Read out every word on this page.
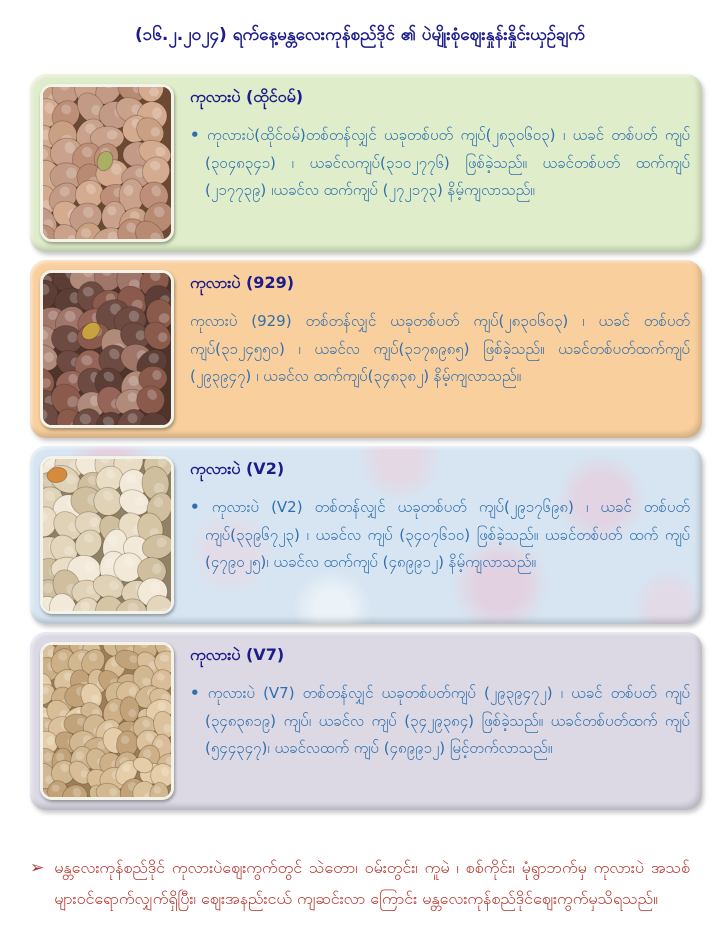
(၁၆.၂.၂၀၂၄) ရက်နေ့မန္တလေးကုန်စည်ဒိုင် ၏ ပဲမျိုးစုံဈေးနှုန်းနှိုင်းယှဉ်ချက်
ကုလားပဲ (ထိုင်ဝမ်)

• ကုလားပဲ(ထိုင်ဝမ်)တစ်တန်လျှင် ယခုတစ်ပတ် ကျပ်(၂၈၃၀၆၀၃) ၊ ယခင် တစ်ပတ် ကျပ် (၃၀၄၈၃၄၁) ၊ ယခင်လကျပ်(၃၁၀၂၇၇၆) ဖြစ်ခဲ့သည်။ ယခင်တစ်ပတ် ထက်ကျပ် (၂၁၇၇၃၉) ၊ယခင်လ ထက်ကျပ် (၂၇၂၁၇၃) နိမ့်ကျလာသည်။

ကုလားပဲ (929)

ကုလားပဲ (929) တစ်တန်လျှင် ယခုတစ်ပတ် ကျပ်(၂၈၃၀၆၀၃) ၊ ယခင် တစ်ပတ် ကျပ်(၃၁၂၄၅၅၀) ၊ ယခင်လ ကျပ်(၃၁၇၈၉၈၅) ဖြစ်ခဲ့သည်။ ယခင်တစ်ပတ်ထက်ကျပ် (၂၉၃၉၄၇) ၊ ယခင်လ ထက်ကျပ်(၃၄၈၃၈၂) နိမ့်ကျလာသည်။

ကုလားပဲ (V2)

• ကုလားပဲ (V2) တစ်တန်လျှင် ယခုတစ်ပတ် ကျပ်(၂၉၁၇၆၉၈) ၊ ယခင် တစ်ပတ် ကျပ်(၃၃၉၆၇၂၃) ၊ ယခင်လ ကျပ် (၃၄၀၇၆၁၀) ဖြစ်ခဲ့သည်။ ယခင်တစ်ပတ် ထက် ကျပ် (၄၇၉၀၂၅)၊ ယခင်လ ထက်ကျပ် (၄၈၉၉၁၂) နိမ့်ကျလာသည်။

ကုလားပဲ (V7)

• ကုလားပဲ (V7) တစ်တန်လျှင် ယခုတစ်ပတ်ကျပ် (၂၉၃၉၄၇၂) ၊ ယခင် တစ်ပတ် ကျပ် (၃၄၈၃၈၁၉) ကျပ်၊ ယခင်လ ကျပ် (၃၄၂၉၃၈၄) ဖြစ်ခဲ့သည်။ ယခင်တစ်ပတ်ထက် ကျပ် (၅၄၄၃၄၇)၊ ယခင်လထက် ကျပ် (၄၈၉၉၁၂) မြင့်တက်လာသည်။

➢ မန္တလေးကုန်စည်ဒိုင် ကုလားပဲဈေးကွက်တွင် သဲတော၊ ဝမ်းတွင်း၊ ကူမဲ ၊ စစ်ကိုင်း၊ မုံရွာဘက်မှ ကုလားပဲ အသစ်များဝင်ရောက်လျှက်ရှိပြီး၊ ဈေးအနည်းငယ် ကျဆင်းလာ ကြောင်း မန္တလေးကုန်စည်ဒိုင်ဈေးကွက်မှသိရသည်။
